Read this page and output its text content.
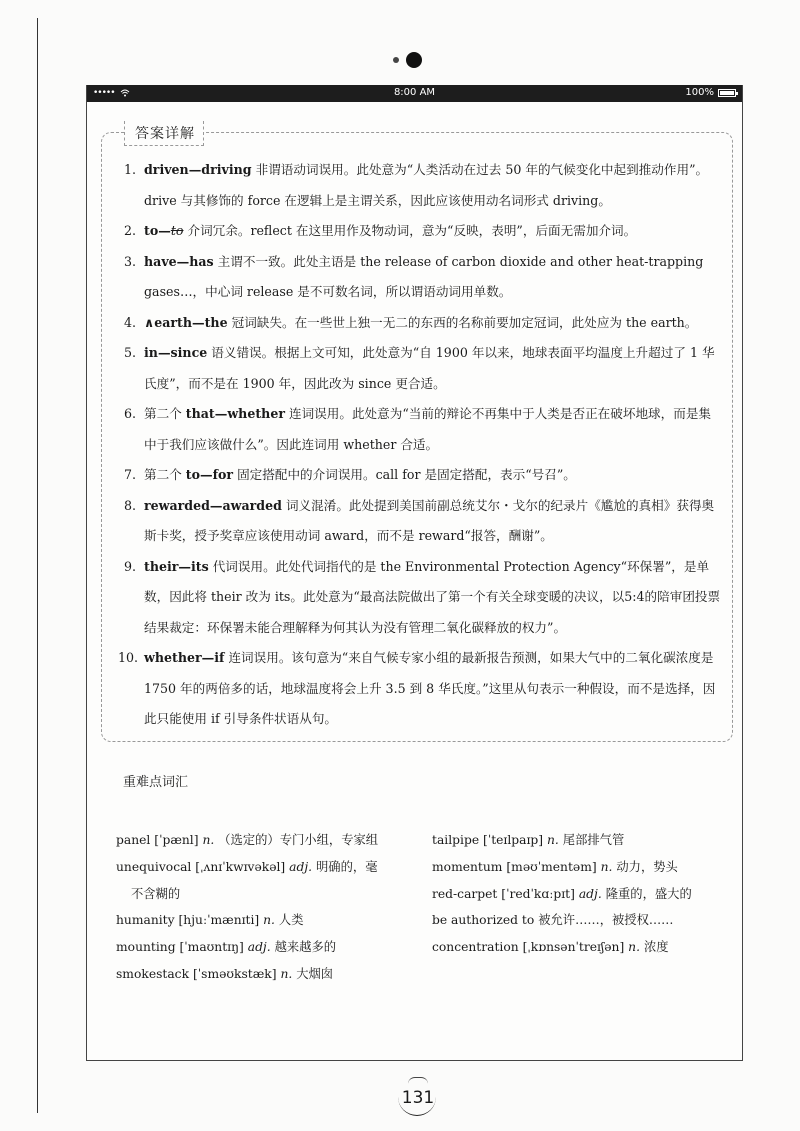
•••••	8:00 AM	100%
答案详解
1. driven—driving 非谓语动词误用。此处意为“人类活动在过去 50 年的气候变化中起到推动作用”。drive 与其修饰的 force 在逻辑上是主谓关系，因此应该使用动名词形式 driving。
2. to—to 介词冗余。reflect 在这里用作及物动词，意为“反映，表明”，后面无需加介词。
3. have—has 主谓不一致。此处主语是 the release of carbon dioxide and other heat-trapping gases…，中心词 release 是不可数名词，所以谓语动词用单数。
4. ∧earth—the 冠词缺失。在一些世上独一无二的东西的名称前要加定冠词，此处应为 the earth。
5. in—since 语义错误。根据上文可知，此处意为“自 1900 年以来，地球表面平均温度上升超过了 1 华氏度”，而不是在 1900 年，因此改为 since 更合适。
6. 第二个 that—whether 连词误用。此处意为“当前的辩论不再集中于人类是否正在破坏地球，而是集中于我们应该做什么”。因此连词用 whether 合适。
7. 第二个 to—for 固定搭配中的介词误用。call for 是固定搭配，表示“号召”。
8. rewarded—awarded 词义混淆。此处提到美国前副总统艾尔・戈尔的纪录片《尴尬的真相》获得奥斯卡奖，授予奖章应该使用动词 award，而不是 reward“报答，酬谢”。
9. their—its 代词误用。此处代词指代的是 the Environmental Protection Agency“环保署”，是单数，因此将 their 改为 its。此处意为“最高法院做出了第一个有关全球变暖的决议，以5:4的陪审团投票结果裁定：环保署未能合理解释为何其认为没有管理二氧化碳释放的权力”。
10. whether—if 连词误用。该句意为“来自气候专家小组的最新报告预测，如果大气中的二氧化碳浓度是 1750 年的两倍多的话，地球温度将会上升 3.5 到 8 华氏度。”这里从句表示一种假设，而不是选择，因此只能使用 if 引导条件状语从句。
重难点词汇
panel [ˈpænl] n. （选定的）专门小组，专家组
unequivocal [ˌʌnɪˈkwɪvəkəl] adj. 明确的，毫
不含糊的
humanity [hjuːˈmænɪti] n. 人类
mounting [ˈmaʊntɪŋ] adj. 越来越多的
smokestack [ˈsməʊkstæk] n. 大烟囱
tailpipe [ˈteɪlpaɪp] n. 尾部排气管
momentum [məʊˈmentəm] n. 动力，势头
red-carpet [ˈredˈkɑːpɪt] adj. 隆重的，盛大的
be authorized to 被允许……，被授权……
concentration [ˌkɒnsənˈtreɪʃən] n. 浓度
131
